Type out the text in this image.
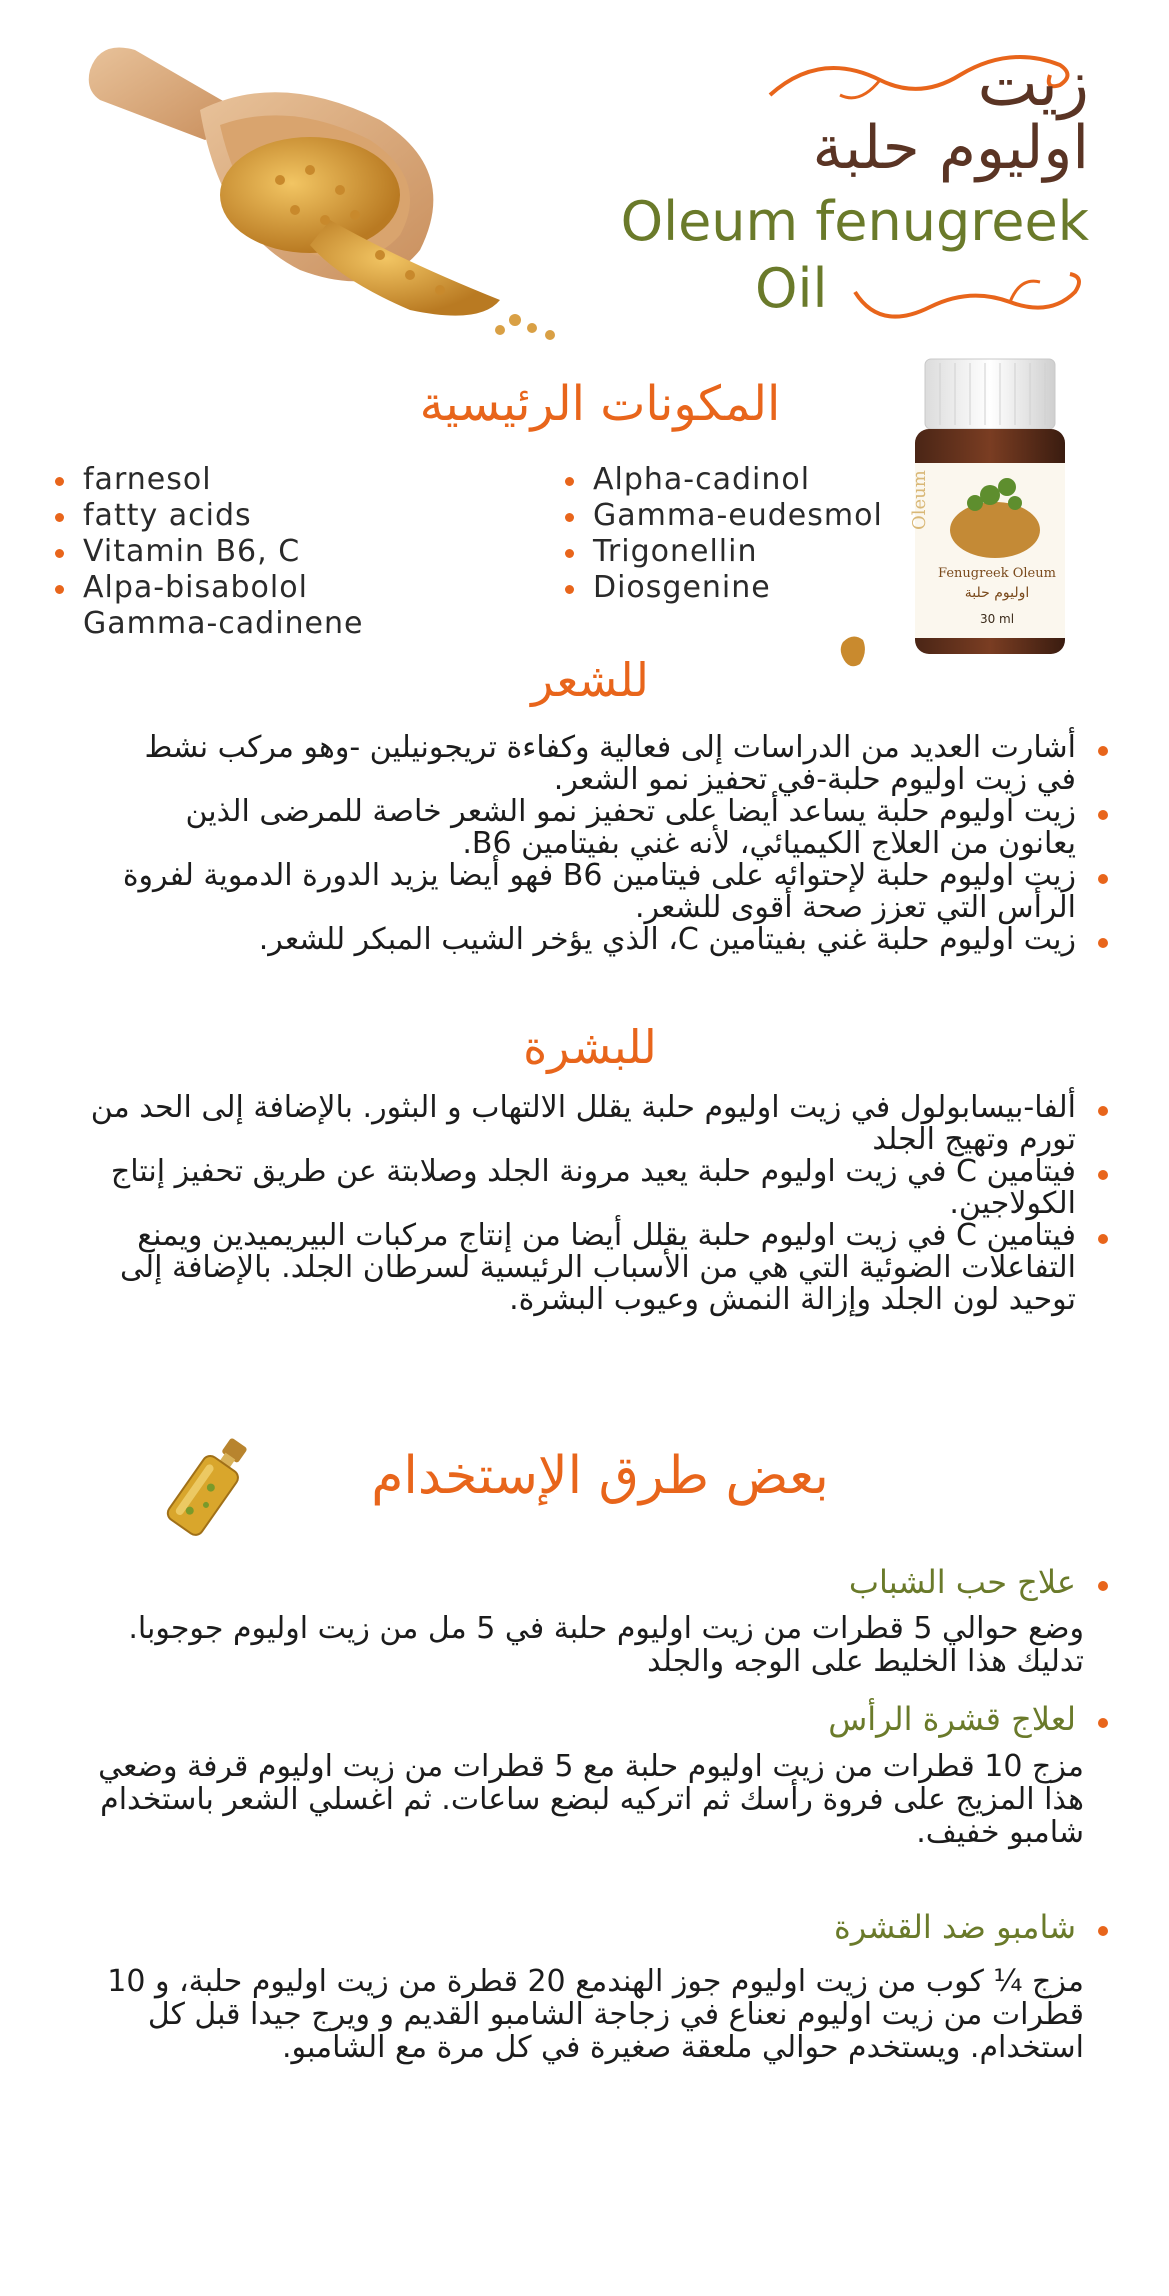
زيت
اوليوم حلبة
Oleum fenugreek
Oil
المكونات الرئيسية
farnesol
fatty acids
Vitamin B6, C
Alpa-bisabolol
Gamma-cadinene
Alpha-cadinol
Gamma-eudesmol
Trigonellin
Diosgenine
Oleum
Fenugreek Oleum
اوليوم حلبة
30 ml
للشعر
أشارت العديد من الدراسات إلى فعالية وكفاءة تريجونيلين -وهو مركب نشط في زيت اوليوم حلبة-في تحفيز نمو الشعر.
زيت اوليوم حلبة يساعد أيضا على تحفيز نمو الشعر خاصة للمرضى الذين يعانون من العلاج الكيميائي، لأنه غني بفيتامين B6.
زيت اوليوم حلبة لإحتوائه على فيتامين B6 فهو أيضا يزيد الدورة الدموية لفروة الرأس التي تعزز صحة أقوى للشعر.
زيت اوليوم حلبة غني بفيتامين C، الذي يؤخر الشيب المبكر للشعر.
للبشرة
ألفا-بيسابولول في زيت اوليوم حلبة يقلل الالتهاب و البثور. بالإضافة إلى الحد من تورم وتهيج الجلد
فيتامين C في زيت اوليوم حلبة يعيد مرونة الجلد وصلابتة عن طريق تحفيز إنتاج الكولاجين.
فيتامين C في زيت اوليوم حلبة يقلل أيضا من إنتاج مركبات البيريميدين ويمنع التفاعلات الضوئية التي هي من الأسباب الرئيسية لسرطان الجلد. بالإضافة إلى توحيد لون الجلد وإزالة النمش وعيوب البشرة.
بعض طرق الإستخدام
علاج حب الشباب
وضع حوالي 5 قطرات من زيت اوليوم حلبة في 5 مل من زيت اوليوم جوجوبا. تدليك هذا الخليط على الوجه والجلد
لعلاج قشرة الرأس
مزج 10 قطرات من زيت اوليوم حلبة مع 5 قطرات من زيت اوليوم قرفة وضعي هذا المزيج على فروة رأسك ثم اتركيه لبضع ساعات. ثم اغسلي الشعر باستخدام شامبو خفيف.
شامبو ضد القشرة
مزج ¼ كوب من زيت اوليوم جوز الهندمع 20 قطرة من زيت اوليوم حلبة، و 10 قطرات من زيت اوليوم نعناع في زجاجة الشامبو القديم و ويرج جيدا قبل كل استخدام. ويستخدم حوالي ملعقة صغيرة في كل مرة مع الشامبو.
